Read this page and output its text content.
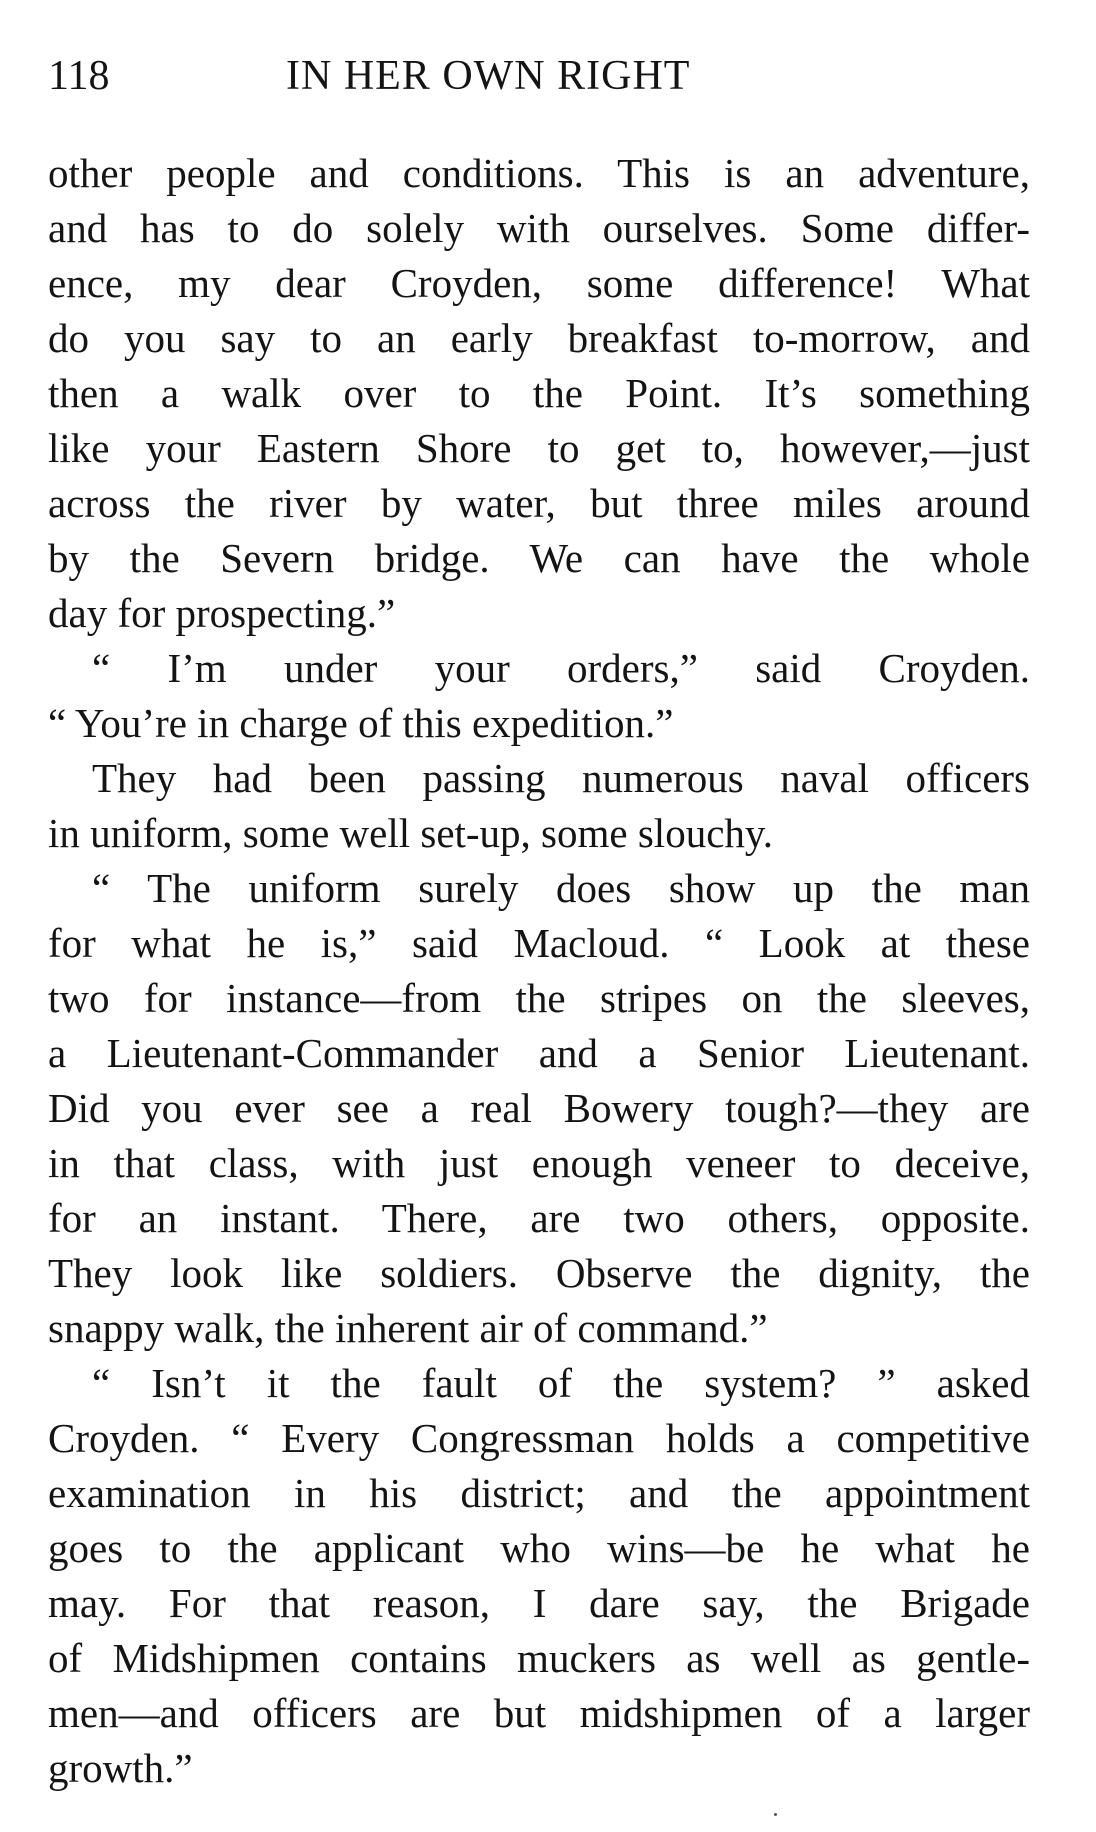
118	IN HER OWN RIGHT
other people and conditions. This is an adventure,
and has to do solely with ourselves. Some differ-
ence, my dear Croyden, some difference! What
do you say to an early breakfast to-morrow, and
then a walk over to the Point. It’s something
like your Eastern Shore to get to, however,—just
across the river by water, but three miles around
by the Severn bridge. We can have the whole
day for prospecting.”
“ I’m under your orders,” said Croyden.
“ You’re in charge of this expedition.”
They had been passing numerous naval officers
in uniform, some well set-up, some slouchy.
“ The uniform surely does show up the man
for what he is,” said Macloud. “ Look at these
two for instance—from the stripes on the sleeves,
a Lieutenant-Commander and a Senior Lieutenant.
Did you ever see a real Bowery tough?—they are
in that class, with just enough veneer to deceive,
for an instant. There, are two others, opposite.
They look like soldiers. Observe the dignity, the
snappy walk, the inherent air of command.”
“ Isn’t it the fault of the system? ” asked
Croyden. “ Every Congressman holds a competitive
examination in his district; and the appointment
goes to the applicant who wins—be he what he
may. For that reason, I dare say, the Brigade
of Midshipmen contains muckers as well as gentle-
men—and officers are but midshipmen of a larger
growth.”
